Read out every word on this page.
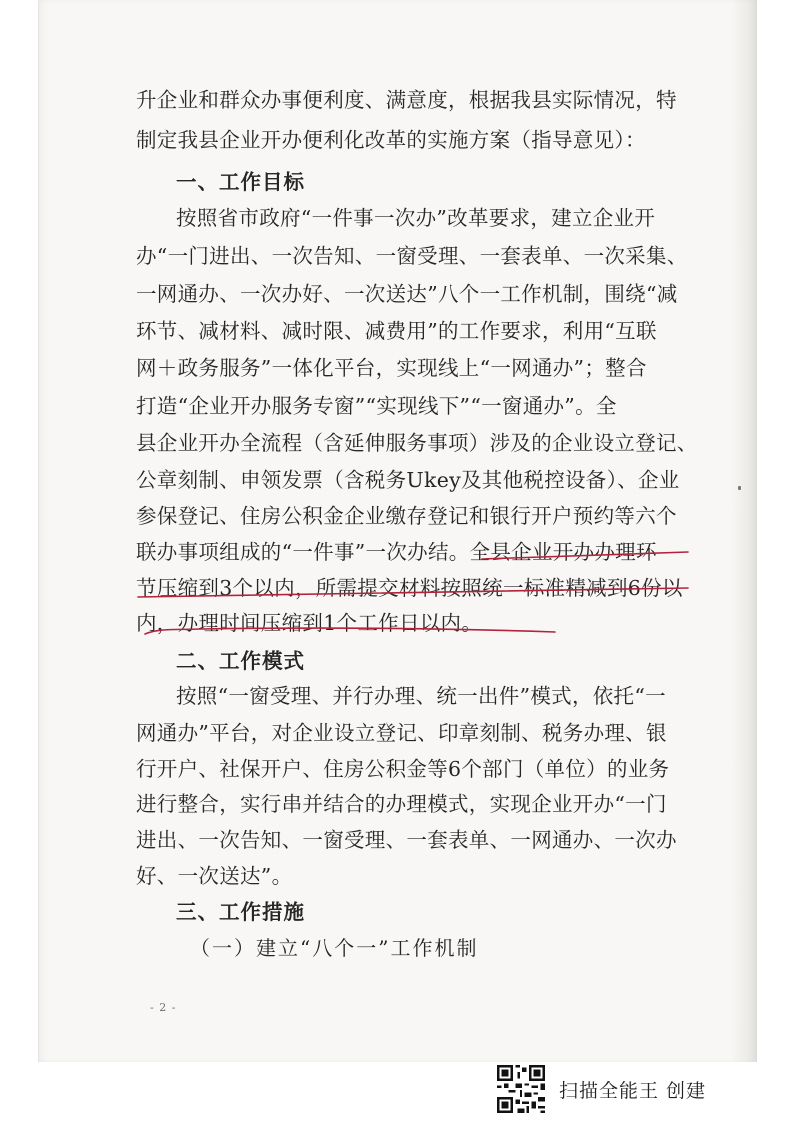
升企业和群众办事便利度、满意度，根据我县实际情况，特
制定我县企业开办便利化改革的实施方案（指导意见）：
一、工作目标
按照省市政府“一件事一次办”改革要求，建立企业开
办“一门进出、一次告知、一窗受理、一套表单、一次采集、
一网通办、一次办好、一次送达”八个一工作机制，围绕“减
环节、减材料、减时限、减费用”的工作要求，利用“互联
网＋政务服务”一体化平台，实现线上“一网通办”；整合
打造“企业开办服务专窗”“实现线下”“一窗通办”。全
县企业开办全流程（含延伸服务事项）涉及的企业设立登记、
公章刻制、申领发票（含税务Ukey及其他税控设备）、企业
参保登记、住房公积金企业缴存登记和银行开户预约等六个
联办事项组成的“一件事”一次办结。全县企业开办办理环
节压缩到3个以内，所需提交材料按照统一标准精减到6份以
内，办理时间压缩到1个工作日以内。
二、工作模式
按照“一窗受理、并行办理、统一出件”模式，依托“一
网通办”平台，对企业设立登记、印章刻制、税务办理、银
行开户、社保开户、住房公积金等6个部门（单位）的业务
进行整合，实行串并结合的办理模式，实现企业开办“一门
进出、一次告知、一窗受理、一套表单、一网通办、一次办
好、一次送达”。
三、工作措施
（一）建立“八个一”工作机制
- 2 -
扫描全能王 创建
